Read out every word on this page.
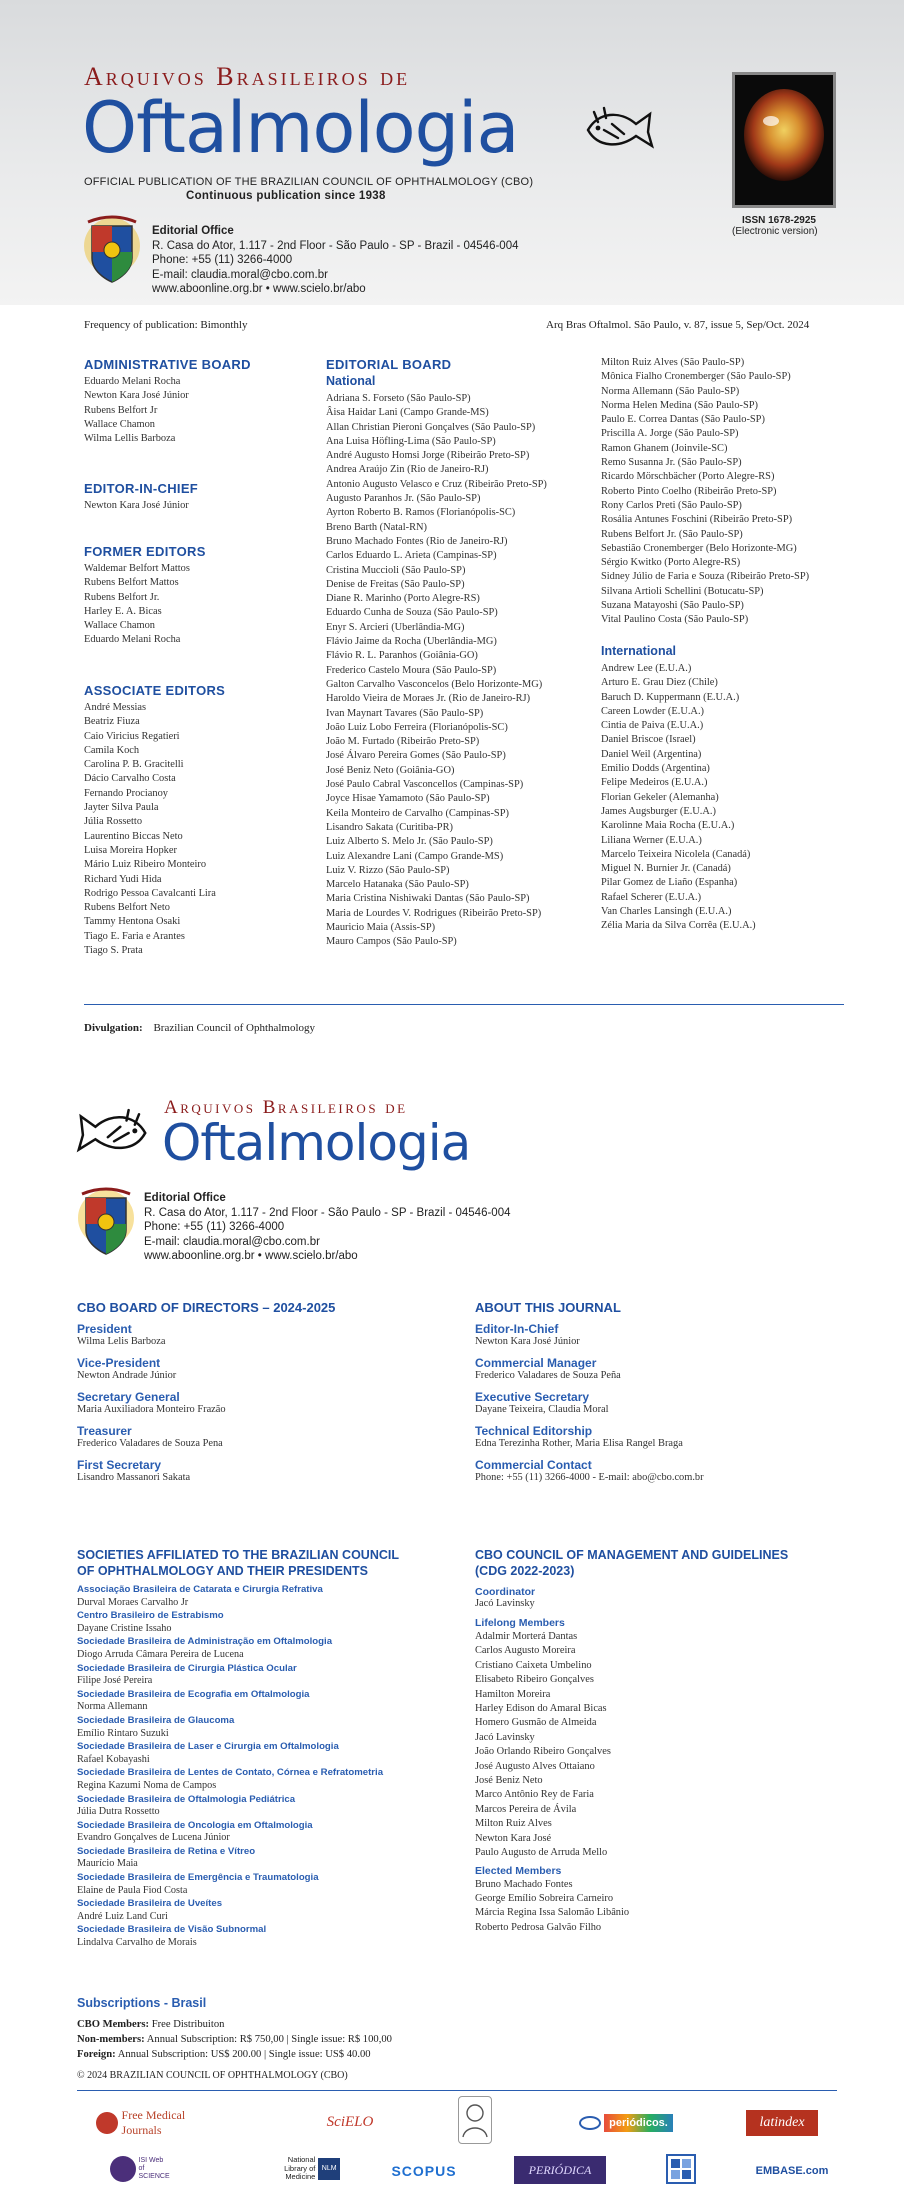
Arquivos Brasileiros de
Oftalmologia
OFFICIAL PUBLICATION OF THE BRAZILIAN COUNCIL OF OPHTHALMOLOGY (CBO)
Continuous publication since 1938
ISSN 1678-2925
(Electronic version)
Editorial Office
R. Casa do Ator, 1.117 - 2nd Floor - São Paulo - SP - Brazil - 04546-004
Phone: +55 (11) 3266-4000
E-mail: claudia.moral@cbo.com.br
www.aboonline.org.br • www.scielo.br/abo
Frequency of publication: Bimonthly	Arq Bras Oftalmol. São Paulo, v. 87, issue 5, Sep/Oct. 2024
ADMINISTRATIVE BOARD
Eduardo Melani Rocha
Newton Kara José Júnior
Rubens Belfort Jr
Wallace Chamon
Wilma Lellis Barboza
EDITOR-IN-CHIEF
Newton Kara José Júnior
FORMER EDITORS
Waldemar Belfort Mattos
Rubens Belfort Mattos
Rubens Belfort Jr.
Harley E. A. Bicas
Wallace Chamon
Eduardo Melani Rocha
ASSOCIATE EDITORS
André Messias
Beatriz Fiuza
Caio Viricius Regatieri
Camila Koch
Carolina P. B. Gracitelli
Dácio Carvalho Costa
Fernando Procianoy
Jayter Silva Paula
Júlia Rossetto
Laurentino Biccas Neto
Luisa Moreira Hopker
Mário Luiz Ribeiro Monteiro
Richard Yudi Hida
Rodrigo Pessoa Cavalcanti Lira
Rubens Belfort Neto
Tammy Hentona Osaki
Tiago E. Faria e Arantes
Tiago S. Prata
EDITORIAL BOARD
National
Adriana S. Forseto (São Paulo-SP)
Âisa Haidar Lani (Campo Grande-MS)
Allan Christian Pieroni Gonçalves (São Paulo-SP)
Ana Luisa Höfling-Lima (São Paulo-SP)
André Augusto Homsi Jorge (Ribeirão Preto-SP)
Andrea Araújo Zin (Rio de Janeiro-RJ)
Antonio Augusto Velasco e Cruz (Ribeirão Preto-SP)
Augusto Paranhos Jr. (São Paulo-SP)
Ayrton Roberto B. Ramos (Florianópolis-SC)
Breno Barth (Natal-RN)
Bruno Machado Fontes (Rio de Janeiro-RJ)
Carlos Eduardo L. Arieta (Campinas-SP)
Cristina Muccioli (São Paulo-SP)
Denise de Freitas (São Paulo-SP)
Diane R. Marinho (Porto Alegre-RS)
Eduardo Cunha de Souza (São Paulo-SP)
Enyr S. Arcieri (Uberlândia-MG)
Flávio Jaime da Rocha (Uberlândia-MG)
Flávio R. L. Paranhos (Goiânia-GO)
Frederico Castelo Moura (São Paulo-SP)
Galton Carvalho Vasconcelos (Belo Horizonte-MG)
Haroldo Vieira de Moraes Jr. (Rio de Janeiro-RJ)
Ivan Maynart Tavares (São Paulo-SP)
João Luiz Lobo Ferreira (Florianópolis-SC)
João M. Furtado (Ribeirão Preto-SP)
José Álvaro Pereira Gomes (São Paulo-SP)
José Beniz Neto (Goiânia-GO)
José Paulo Cabral Vasconcellos (Campinas-SP)
Joyce Hisae Yamamoto (São Paulo-SP)
Keila Monteiro de Carvalho (Campinas-SP)
Lisandro Sakata (Curitiba-PR)
Luiz Alberto S. Melo Jr. (São Paulo-SP)
Luiz Alexandre Lani (Campo Grande-MS)
Luiz V. Rizzo (São Paulo-SP)
Marcelo Hatanaka (São Paulo-SP)
Maria Cristina Nishiwaki Dantas (São Paulo-SP)
Maria de Lourdes V. Rodrigues (Ribeirão Preto-SP)
Mauricio Maia (Assis-SP)
Mauro Campos (São Paulo-SP)
Milton Ruiz Alves (São Paulo-SP)
Mônica Fialho Cronemberger (São Paulo-SP)
Norma Allemann (São Paulo-SP)
Norma Helen Medina (São Paulo-SP)
Paulo E. Correa Dantas (São Paulo-SP)
Priscilla A. Jorge (São Paulo-SP)
Ramon Ghanem (Joinvile-SC)
Remo Susanna Jr. (São Paulo-SP)
Ricardo Mörschbächer (Porto Alegre-RS)
Roberto Pinto Coelho (Ribeirão Preto-SP)
Rony Carlos Preti (São Paulo-SP)
Rosália Antunes Foschini (Ribeirão Preto-SP)
Rubens Belfort Jr. (São Paulo-SP)
Sebastião Cronemberger (Belo Horizonte-MG)
Sérgio Kwitko (Porto Alegre-RS)
Sidney Júlio de Faria e Souza (Ribeirão Preto-SP)
Silvana Artioli Schellini (Botucatu-SP)
Suzana Matayoshi (São Paulo-SP)
Vital Paulino Costa (São Paulo-SP)
International
Andrew Lee (E.U.A.)
Arturo E. Grau Diez (Chile)
Baruch D. Kuppermann (E.U.A.)
Careen Lowder (E.U.A.)
Cintia de Paiva (E.U.A.)
Daniel Briscoe (Israel)
Daniel Weil (Argentina)
Emilio Dodds (Argentina)
Felipe Medeiros (E.U.A.)
Florian Gekeler (Alemanha)
James Augsburger (E.U.A.)
Karolinne Maia Rocha (E.U.A.)
Liliana Werner (E.U.A.)
Marcelo Teixeira Nicolela (Canadá)
Miguel N. Burnier Jr. (Canadá)
Pilar Gomez de Liaño (Espanha)
Rafael Scherer (E.U.A.)
Van Charles Lansingh (E.U.A.)
Zélia Maria da Silva Corrêa (E.U.A.)
Divulgation: Brazilian Council of Ophthalmology
Arquivos Brasileiros de
Oftalmologia
Editorial Office
R. Casa do Ator, 1.117 - 2nd Floor - São Paulo - SP - Brazil - 04546-004
Phone: +55 (11) 3266-4000
E-mail: claudia.moral@cbo.com.br
www.aboonline.org.br • www.scielo.br/abo
CBO BOARD OF DIRECTORS – 2024-2025
President
Wilma Lelis Barboza
Vice-President
Newton Andrade Júnior
Secretary General
Maria Auxiliadora Monteiro Frazão
Treasurer
Frederico Valadares de Souza Pena
First Secretary
Lisandro Massanori Sakata
ABOUT THIS JOURNAL
Editor-In-Chief
Newton Kara José Júnior
Commercial Manager
Frederico Valadares de Souza Peña
Executive Secretary
Dayane Teixeira, Claudia Moral
Technical Editorship
Edna Terezinha Rother, Maria Elisa Rangel Braga
Commercial Contact
Phone: +55 (11) 3266-4000 - E-mail: abo@cbo.com.br
SOCIETIES AFFILIATED TO THE BRAZILIAN COUNCIL
OF OPHTHALMOLOGY AND THEIR PRESIDENTS
Associação Brasileira de Catarata e Cirurgia Refrativa
Durval Moraes Carvalho Jr
Centro Brasileiro de Estrabismo
Dayane Cristine Issaho
Sociedade Brasileira de Administração em Oftalmologia
Diogo Arruda Câmara Pereira de Lucena
Sociedade Brasileira de Cirurgia Plástica Ocular
Filipe José Pereira
Sociedade Brasileira de Ecografia em Oftalmologia
Norma Allemann
Sociedade Brasileira de Glaucoma
Emílio Rintaro Suzuki
Sociedade Brasileira de Laser e Cirurgia em Oftalmologia
Rafael Kobayashi
Sociedade Brasileira de Lentes de Contato, Córnea e Refratometria
Regina Kazumi Noma de Campos
Sociedade Brasileira de Oftalmologia Pediátrica
Júlia Dutra Rossetto
Sociedade Brasileira de Oncologia em Oftalmologia
Evandro Gonçalves de Lucena Júnior
Sociedade Brasileira de Retina e Vítreo
Maurício Maia
Sociedade Brasileira de Emergência e Traumatologia
Elaine de Paula Fiod Costa
Sociedade Brasileira de Uveítes
André Luiz Land Curi
Sociedade Brasileira de Visão Subnormal
Lindalva Carvalho de Morais
CBO COUNCIL OF MANAGEMENT AND GUIDELINES
(CDG 2022-2023)
Coordinator
Jacó Lavinsky
Lifelong Members
Adalmir Morterá Dantas
Carlos Augusto Moreira
Cristiano Caixeta Umbelino
Elisabeto Ribeiro Gonçalves
Hamilton Moreira
Harley Edison do Amaral Bicas
Homero Gusmão de Almeida
Jacó Lavinsky
João Orlando Ribeiro Gonçalves
José Augusto Alves Ottaiano
José Beniz Neto
Marco Antônio Rey de Faria
Marcos Pereira de Ávila
Milton Ruiz Alves
Newton Kara José
Paulo Augusto de Arruda Mello
Elected Members
Bruno Machado Fontes
George Emílio Sobreira Carneiro
Márcia Regina Issa Salomão Libânio
Roberto Pedrosa Galvão Filho
Subscriptions - Brasil
CBO Members: Free Distribuiton
Non-members: Annual Subscription: R$ 750,00 | Single issue: R$ 100,00
Foreign: Annual Subscription: US$ 200.00 | Single issue: US$ 40.00
© 2024 BRAZILIAN COUNCIL OF OPHTHALMOLOGY (CBO)
Free Medical Journals
SciELO	periódicos.	latindex
ISI Web of SCIENCE
National Library of Medicine
NLM	SCOPUS	PERIÓDICA	EMBASE.com
